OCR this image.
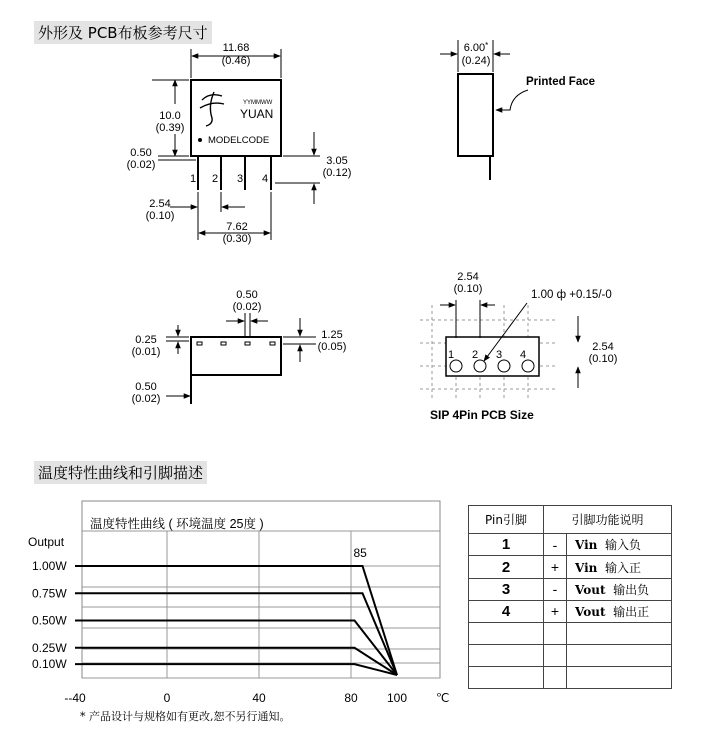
外形及 PCB布板参考尺寸
11.68
(0.46)
10.0
(0.39)
0.50
(0.02)	3.05
(0.12)
2.54
(0.10)
7.62
(0.30)
1 2 3 4
YYMMWW
YUAN
MODELCODE
6.00*
(0.24)
Printed Face
0.50
(0.02)
0.25
(0.01)
1.25
(0.05)
0.50
(0.02)
2.54
(0.10)
2.54
(0.10)
1 2 3 4
1.00 ф +0.15/-0
SIP 4Pin PCB Size
温度特性曲线和引脚描述
1.00W
0.75W
0.50W
0.25W
0.10W
--40	0	40	80 100
温度特性曲线 ( 环境温度 25度 )
Output
85
℃
Pin引脚	引脚功能说明	
1	-	Vin 输入负
2	+	Vin 输入正
3	-	Vout 输出负
4	+	Vout 输出正

* 产品设计与规格如有更改,恕不另行通知。
